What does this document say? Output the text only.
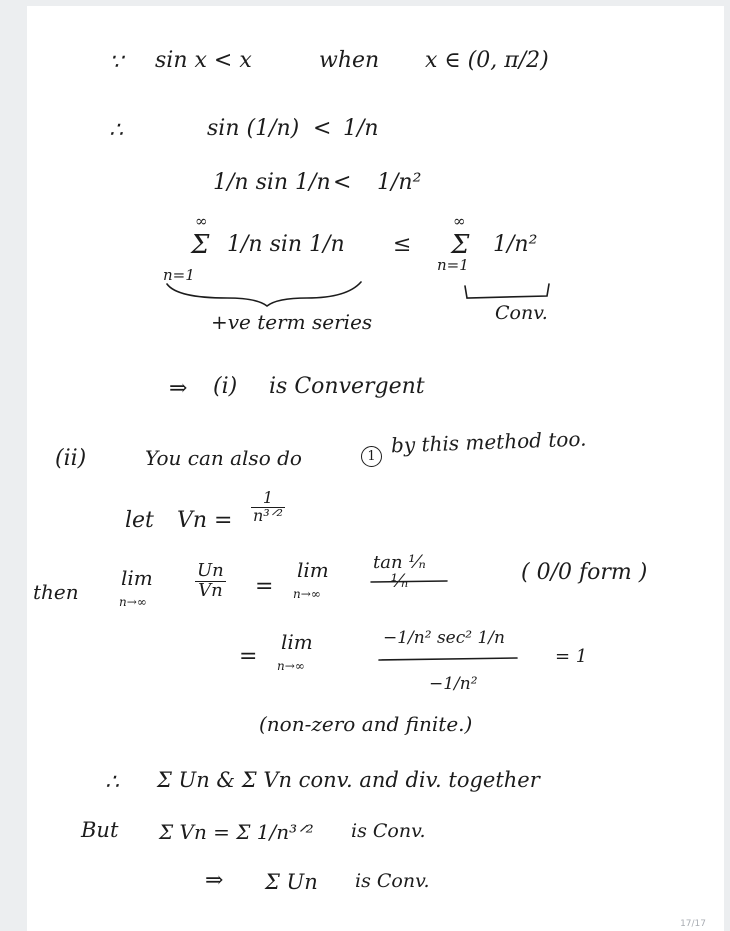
∵ sin x < x	when x ∈ (0, π/2)
∴	sin (1/n) < 1/n
1/n sin 1/n < 1/n²
∞
Σ
n=1
1/n sin 1/n ≤
∞
Σ
n=1
1/n²
+ve term series	Conv.
⇒ (i) is Convergent
(ii)	You can also do	1 by this method too.
let Vn =
1
n³ᐟ²
then
lim
n→∞
$\frac{Un}{Vn}$ =
lim
n→∞
tan ¹⁄ₙ
¹⁄ₙ	( 0/0 form )
=
lim
n→∞
−1/n² sec² 1/n
−1/n²
= 1
(non-zero and finite.)
∴ Σ Un & Σ Vn conv. and div. together
But Σ Vn = Σ 1/n³ᐟ² is Conv.
⇒ Σ Un is Conv.
17/17
